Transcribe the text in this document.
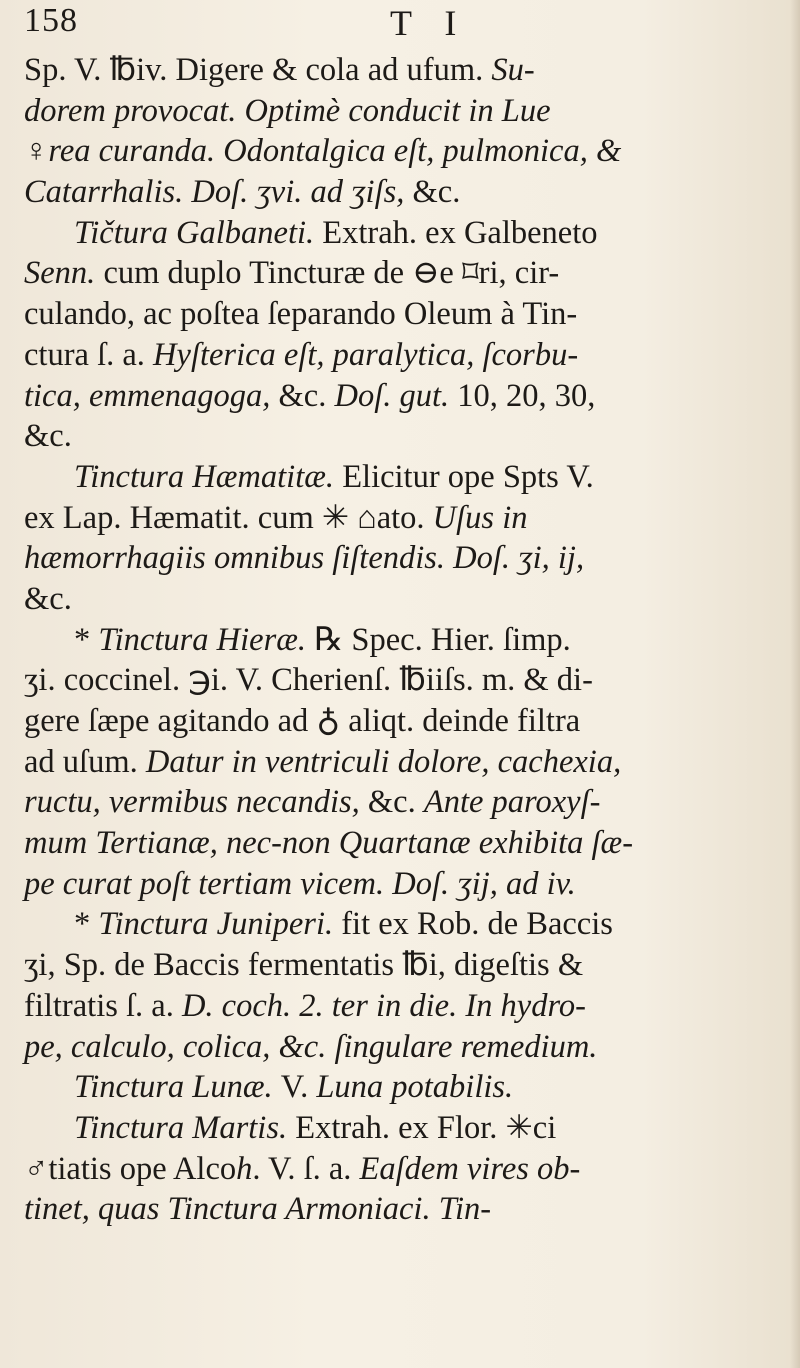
158	T I
Sp. V. ℔iv. Digere & cola ad ufum. Su-
dorem provocat. Optimè conducit in Lue
♀rea curanda. Odontalgica eſt, pulmonica, &
Catarrhalis. Doſ. ʒvi. ad ʒiſs, &c.
Tičtura Galbaneti. Extrah. ex Galbeneto
Senn. cum duplo Tincturæ de ⊖e ⌑ri, cir-
culando, ac poſtea ſeparando Oleum à Tin-
ctura ſ. a. Hyſterica eſt, paralytica, ſcorbu-
tica, emmenagoga, &c. Doſ. gut. 10, 20, 30,
&c.
Tinctura Hæmatitæ. Elicitur ope Spts V.
ex Lap. Hæmatit. cum ✳ ⌂ato. Uſus in
hæmorrhagiis omnibus ſiſtendis. Doſ. ʒi, ij,
&c.
* Tinctura Hieræ. ℞ Spec. Hier. ſimp.
ʒi. coccinel. ℈i. V. Cherienſ. ℔iiſs. m. & di-
gere ſæpe agitando ad ♁ aliqt. deinde filtra
ad uſum. Datur in ventriculi dolore, cachexia,
ructu, vermibus necandis, &c. Ante paroxyſ-
mum Tertianæ, nec-non Quartanæ exhibita ſæ-
pe curat poſt tertiam vicem. Doſ. ʒij, ad iv.
* Tinctura Juniperi. fit ex Rob. de Baccis
ʒi, Sp. de Baccis fermentatis ℔i, digeſtis &
filtratis ſ. a. D. coch. 2. ter in die. In hydro-
pe, calculo, colica, &c. ſingulare remedium.
Tinctura Lunæ. V. Luna potabilis.
Tinctura Martis. Extrah. ex Flor. ✳ci
♂tiatis ope Alcoh. V. ſ. a. Eaſdem vires ob-
tinet, quas Tinctura Armoniaci. Tin-
